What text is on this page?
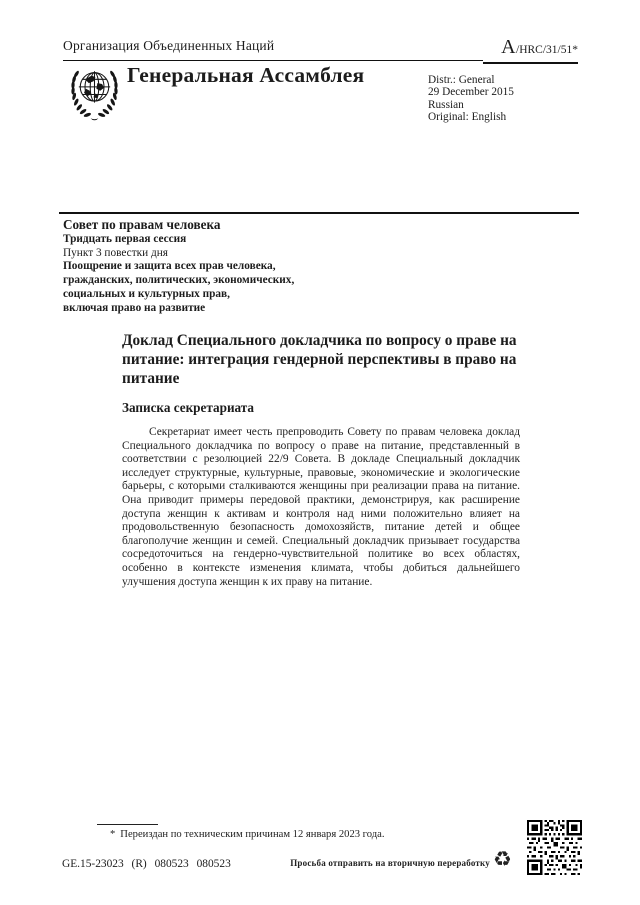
Организация Объединенных Наций	A/HRC/31/51*
Генеральная Ассамблея	Distr.: General
29 December 2015
Russian
Original: English
Совет по правам человека
Тридцать первая сессия
Пункт 3 повестки дня
Поощрение и защита всех прав человека,
гражданских, политических, экономических,
социальных и культурных прав,
включая право на развитие
Доклад Специального докладчика по вопросу о праве на питание: интеграция гендерной перспективы в право на питание
Записка секретариата
Секретариат имеет честь препроводить Совету по правам человека доклад Специального докладчика по вопросу о праве на питание, представленный в соответствии с резолюцией 22/9 Совета. В докладе Специальный докладчик исследует структурные, культурные, правовые, экономические и экологические барьеры, с которыми сталкиваются женщины при реализации права на питание. Она приводит примеры передовой практики, демонстрируя, как расширение доступа женщин к активам и контроля над ними положительно влияет на продовольственную безопасность домохозяйств, питание детей и общее благополучие женщин и семей. Специальный докладчик призывает государства сосредоточиться на гендерно-чувствительной политике во всех областях, особенно в контексте изменения климата, чтобы добиться дальнейшего улучшения доступа женщин к их праву на питание.
* Переиздан по техническим причинам 12 января 2023 года.
GE.15-23023 (R) 080523 080523	Просьба отправить на вторичную переработку ♻
